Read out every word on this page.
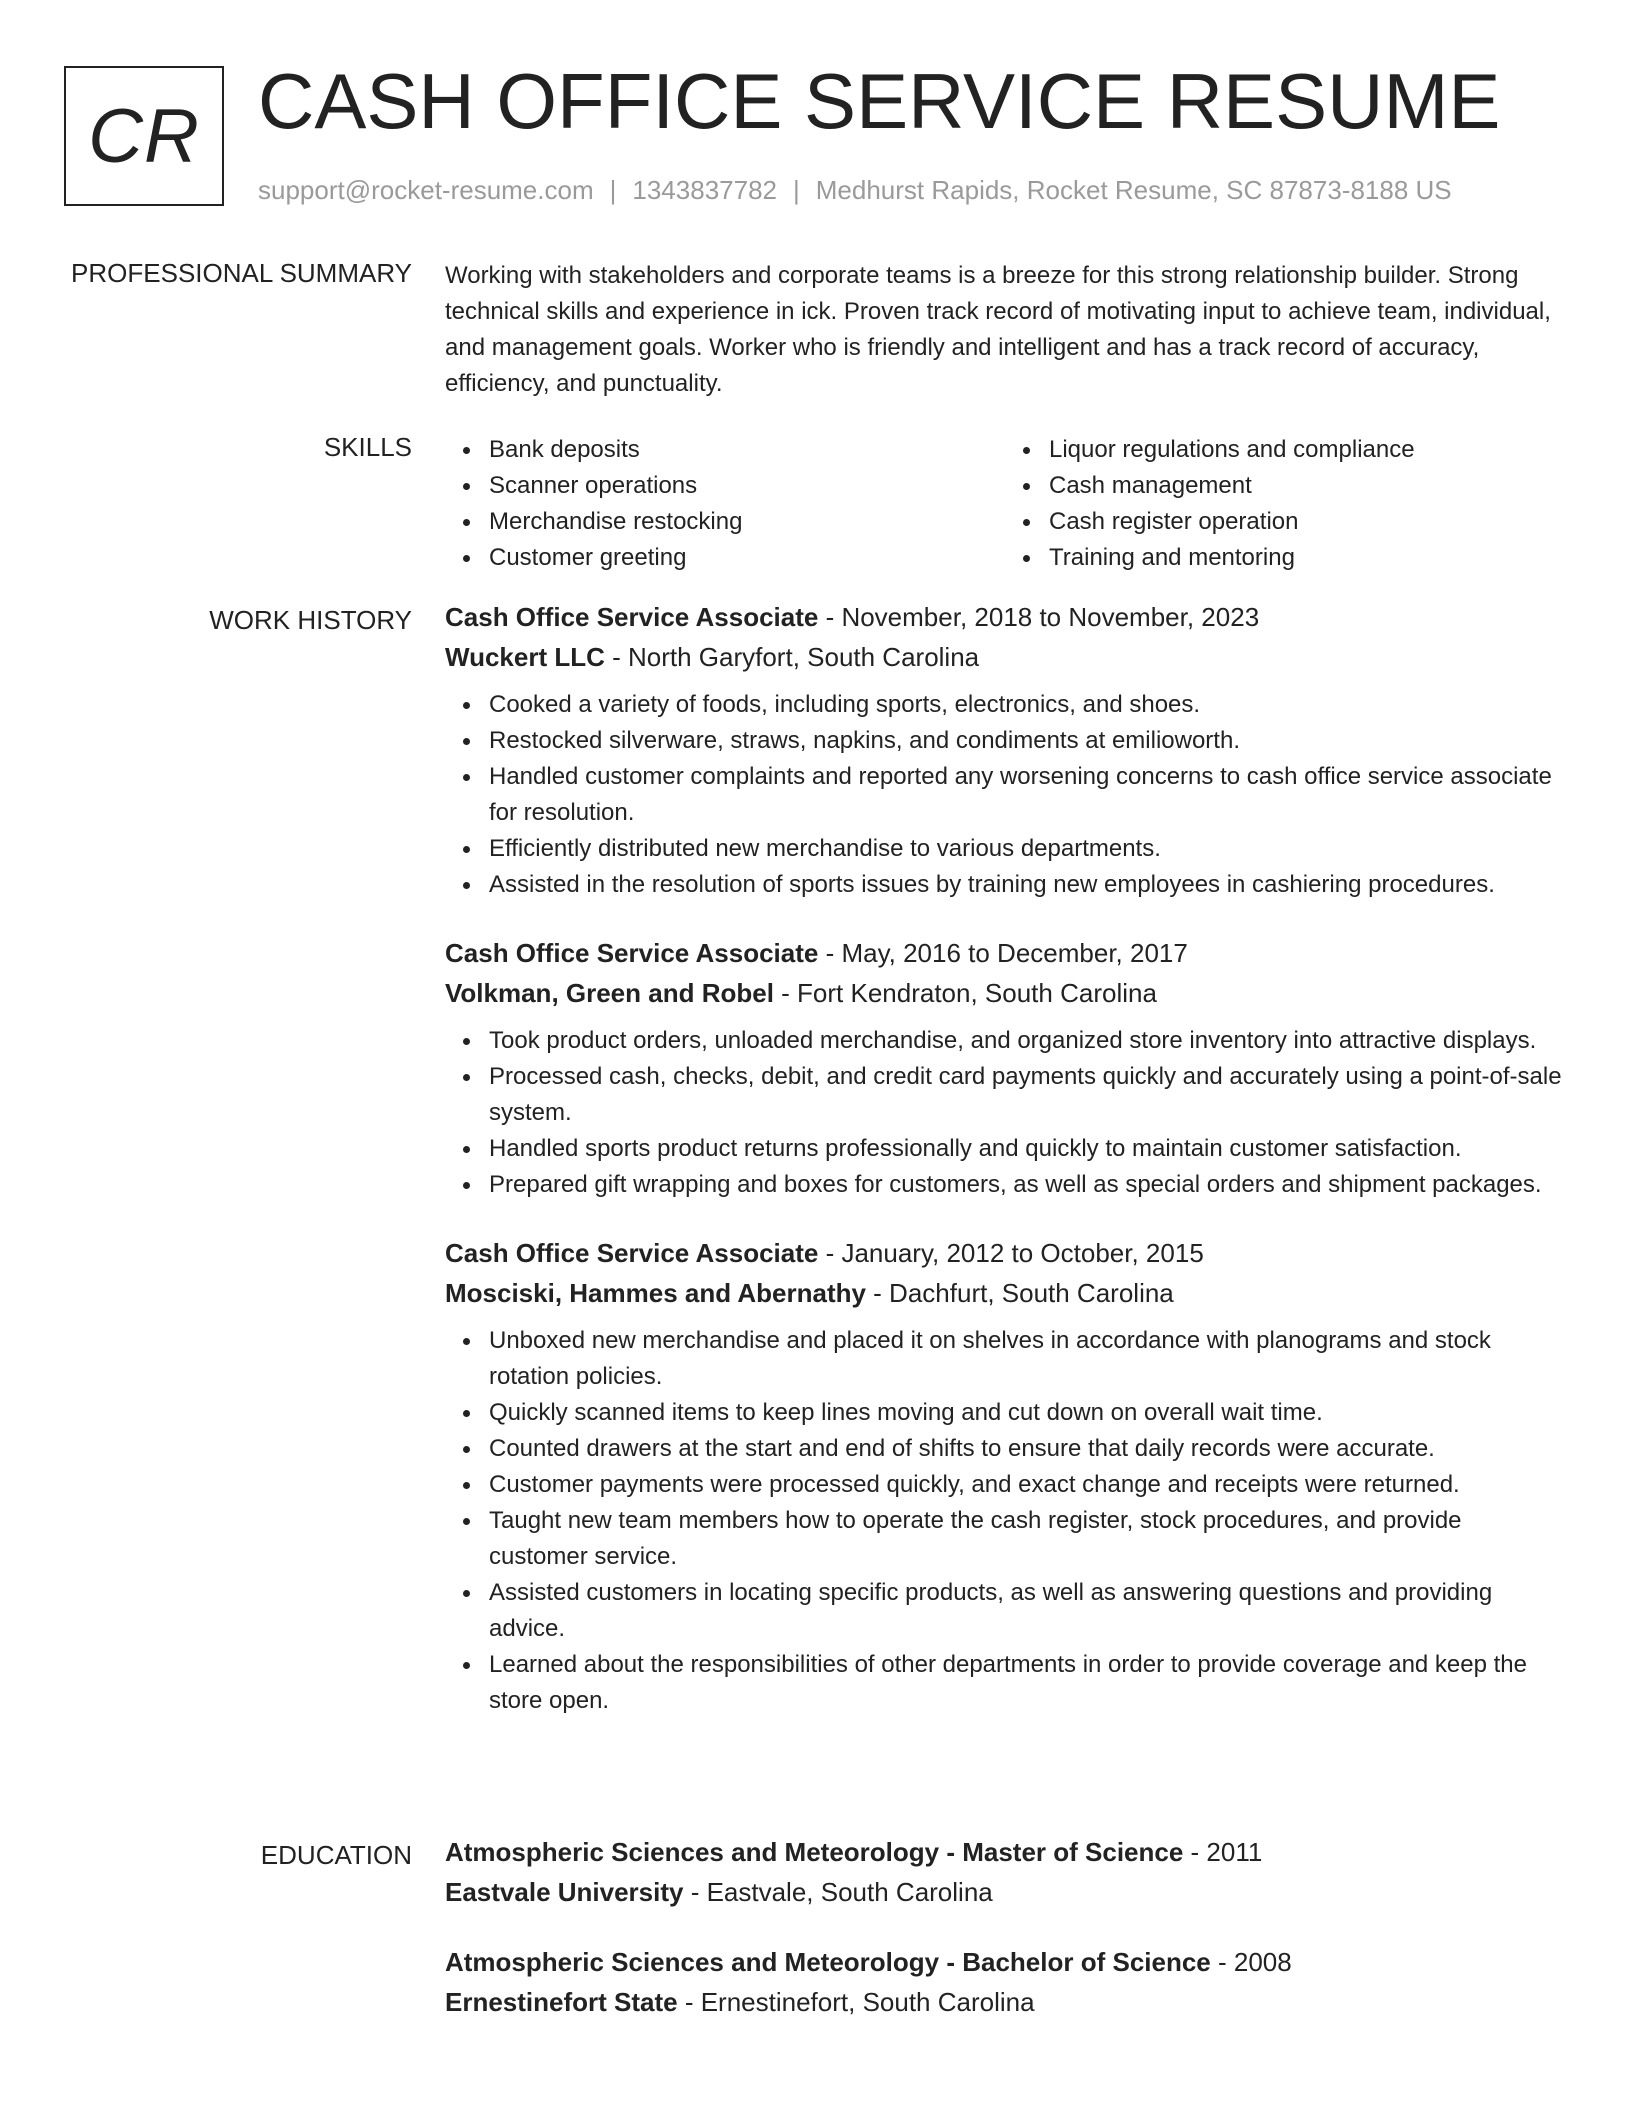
CR CASH OFFICE SERVICE RESUME
support@rocket-resume.com | 1343837782 | Medhurst Rapids, Rocket Resume, SC 87873-8188 US
PROFESSIONAL SUMMARY Working with stakeholders and corporate teams is a breeze for this strong relationship builder. Strong technical skills and experience in ick. Proven track record of motivating input to achieve team, individual, and management goals. Worker who is friendly and intelligent and has a track record of accuracy, efficiency, and punctuality.

SKILLS	Bank deposits
Scanner operations
Merchandise restocking
Customer greeting
Liquor regulations and compliance
Cash management
Cash register operation
Training and mentoring
WORK HISTORY Cash Office Service Associate - November, 2018 to November, 2023
Wuckert LLC - North Garyfort, South Carolina
Cooked a variety of foods, including sports, electronics, and shoes.
Restocked silverware, straws, napkins, and condiments at emilioworth.
Handled customer complaints and reported any worsening concerns to cash office service associate for resolution.
Efficiently distributed new merchandise to various departments.
Assisted in the resolution of sports issues by training new employees in cashiering procedures.
Cash Office Service Associate - May, 2016 to December, 2017
Volkman, Green and Robel - Fort Kendraton, South Carolina
Took product orders, unloaded merchandise, and organized store inventory into attractive displays.
Processed cash, checks, debit, and credit card payments quickly and accurately using a point-of-sale system.
Handled sports product returns professionally and quickly to maintain customer satisfaction.
Prepared gift wrapping and boxes for customers, as well as special orders and shipment packages.
Cash Office Service Associate - January, 2012 to October, 2015
Mosciski, Hammes and Abernathy - Dachfurt, South Carolina
Unboxed new merchandise and placed it on shelves in accordance with planograms and stock rotation policies.
Quickly scanned items to keep lines moving and cut down on overall wait time.
Counted drawers at the start and end of shifts to ensure that daily records were accurate.
Customer payments were processed quickly, and exact change and receipts were returned.
Taught new team members how to operate the cash register, stock procedures, and provide customer service.
Assisted customers in locating specific products, as well as answering questions and providing advice.
Learned about the responsibilities of other departments in order to provide coverage and keep the store open.
EDUCATION Atmospheric Sciences and Meteorology - Master of Science - 2011
Eastvale University - Eastvale, South Carolina
Atmospheric Sciences and Meteorology - Bachelor of Science - 2008
Ernestinefort State - Ernestinefort, South Carolina
